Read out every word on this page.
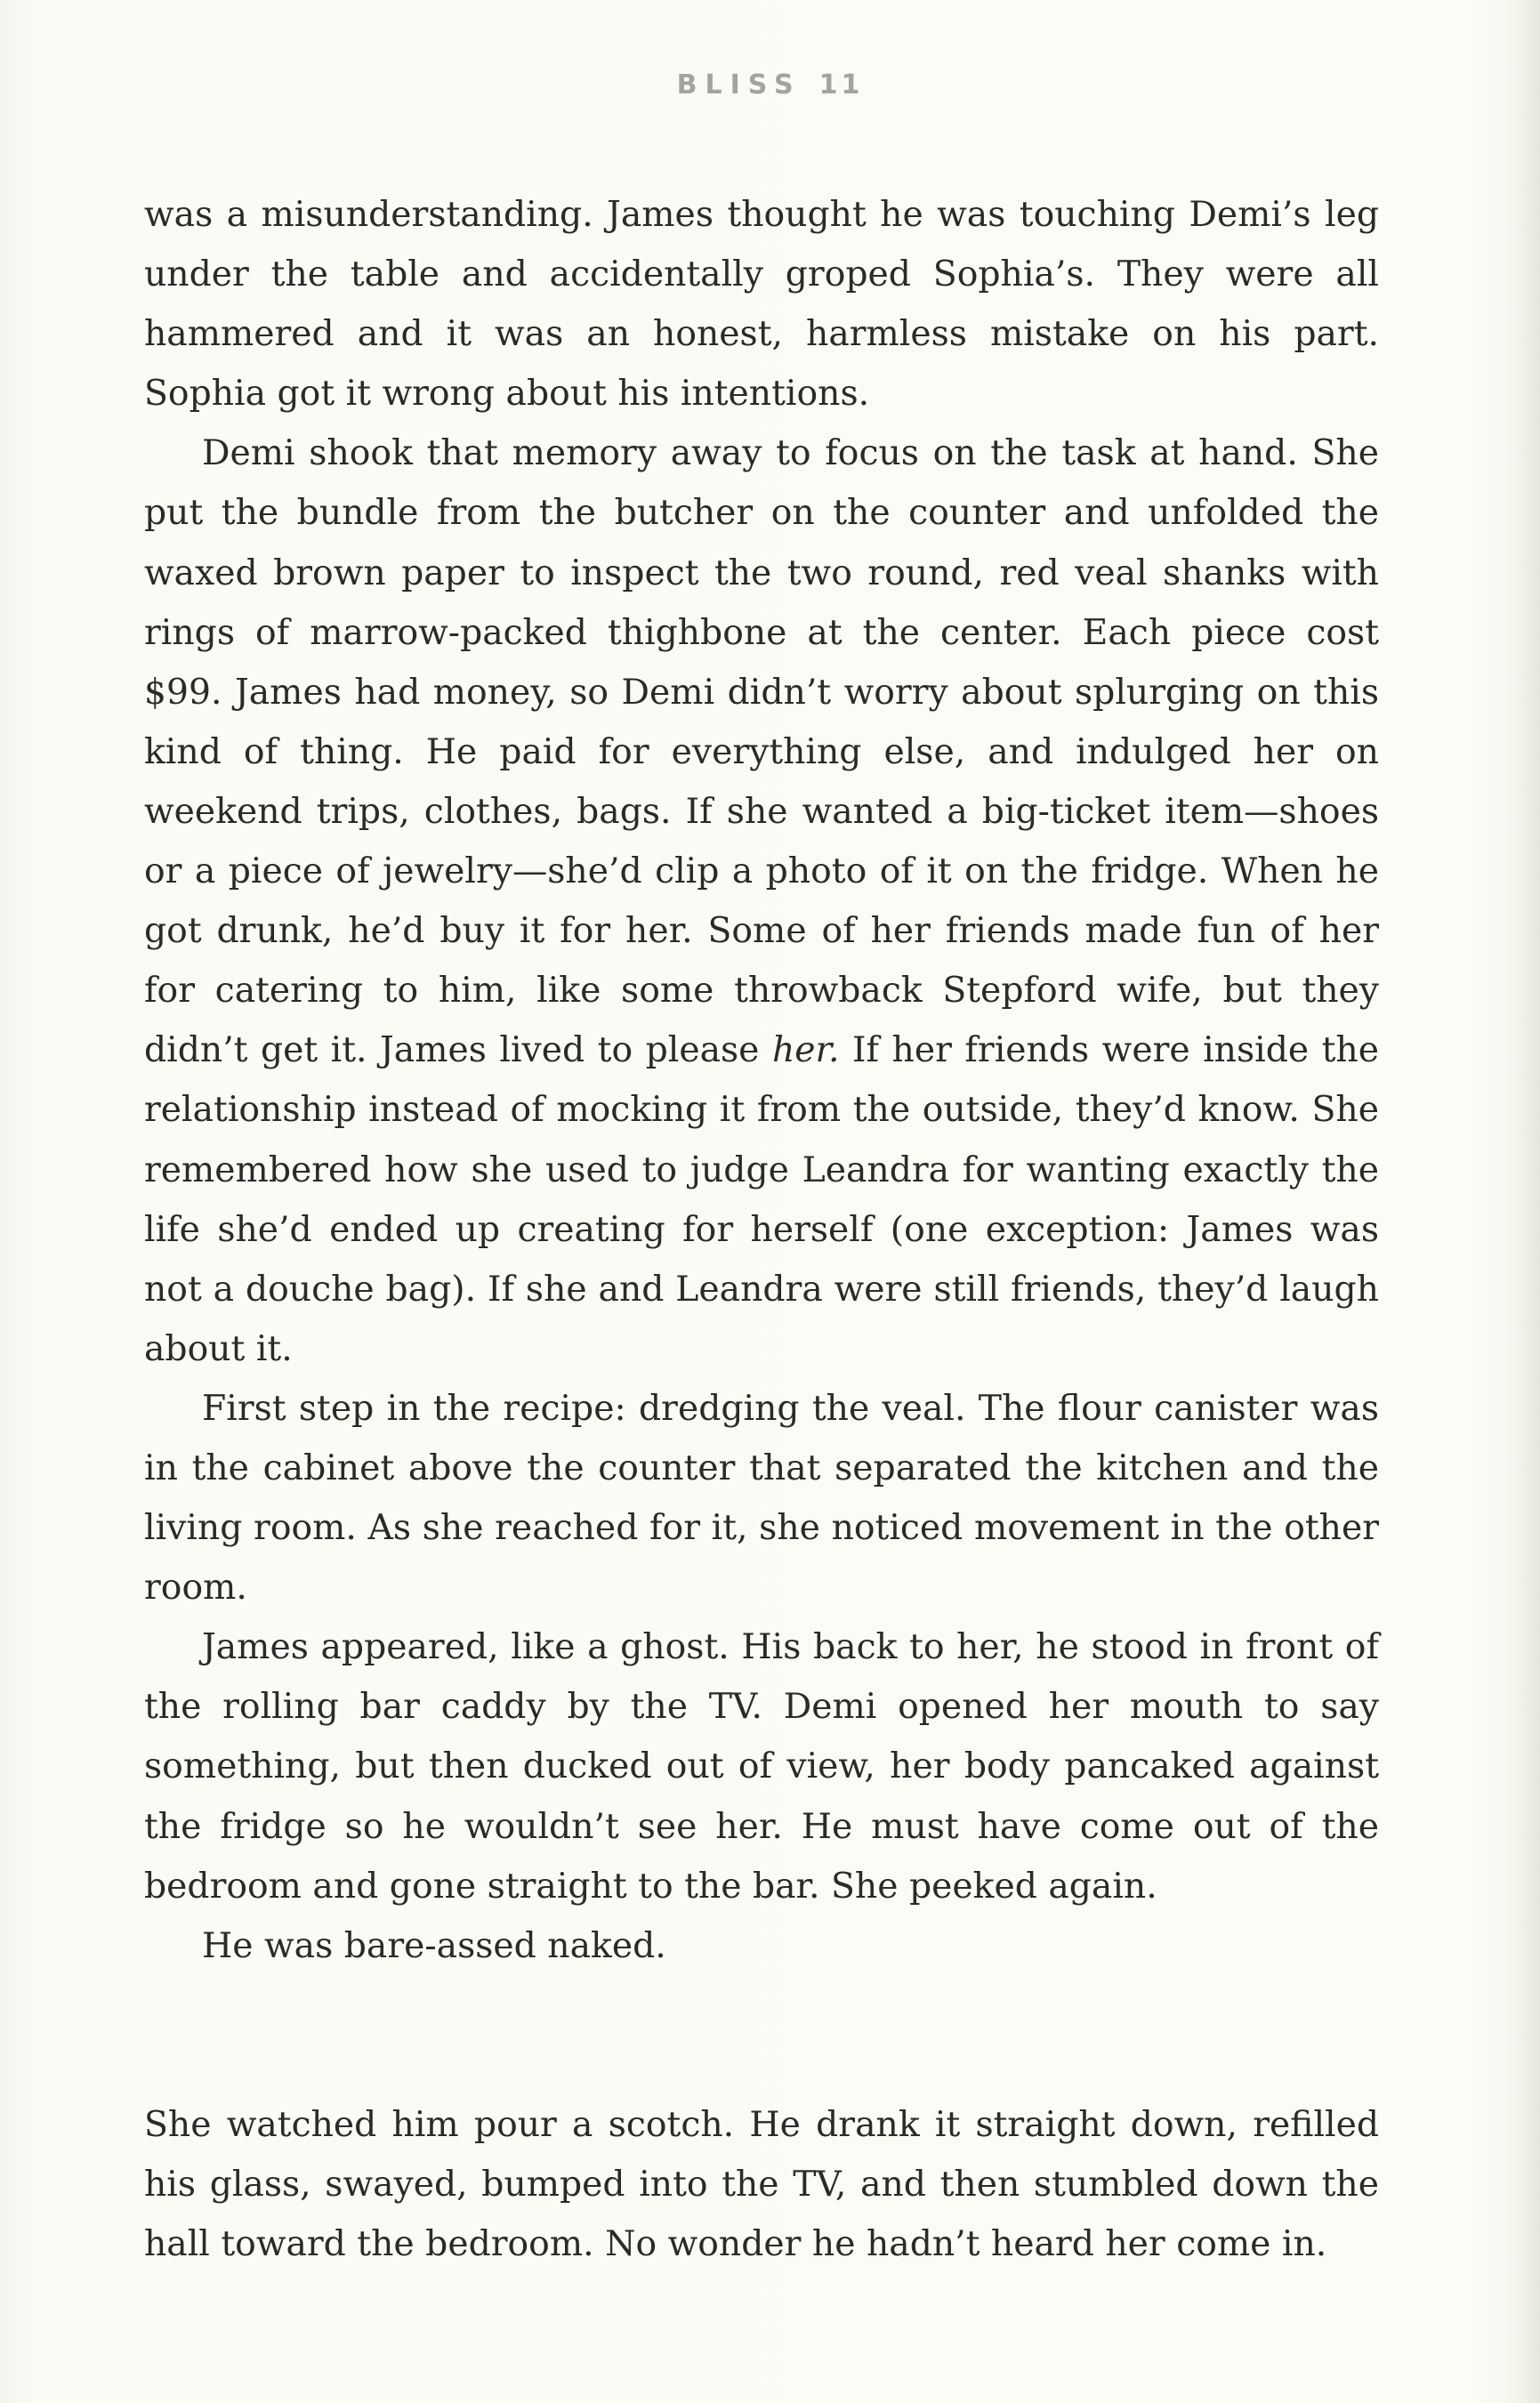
BLISS 11

was a misunderstanding. James thought he was touching Demi’s leg under the table and accidentally groped Sophia’s. They were all hammered and it was an honest, harmless mistake on his part. Sophia got it wrong about his intentions.

Demi shook that memory away to focus on the task at hand. She put the bundle from the butcher on the counter and unfolded the waxed brown paper to inspect the two round, red veal shanks with rings of marrow-packed thighbone at the center. Each piece cost $99. James had money, so Demi didn’t worry about splurging on this kind of thing. He paid for everything else, and indulged her on weekend trips, clothes, bags. If she wanted a big-ticket item—shoes or a piece of jewelry—she’d clip a photo of it on the fridge. When he got drunk, he’d buy it for her. Some of her friends made fun of her for catering to him, like some throwback Stepford wife, but they didn’t get it. James lived to please her. If her friends were inside the relationship instead of mocking it from the outside, they’d know. She remembered how she used to judge Leandra for wanting exactly the life she’d ended up creating for herself (one exception: James was not a douche bag). If she and Leandra were still friends, they’d laugh about it.

First step in the recipe: dredging the veal. The flour canister was in the cabinet above the counter that separated the kitchen and the living room. As she reached for it, she noticed movement in the other room.

James appeared, like a ghost. His back to her, he stood in front of the rolling bar caddy by the TV. Demi opened her mouth to say something, but then ducked out of view, her body pancaked against the fridge so he wouldn’t see her. He must have come out of the bedroom and gone straight to the bar. She peeked again.

He was bare-assed naked.

She watched him pour a scotch. He drank it straight down, refilled his glass, swayed, bumped into the TV, and then stumbled down the hall toward the bedroom. No wonder he hadn’t heard her come in.
